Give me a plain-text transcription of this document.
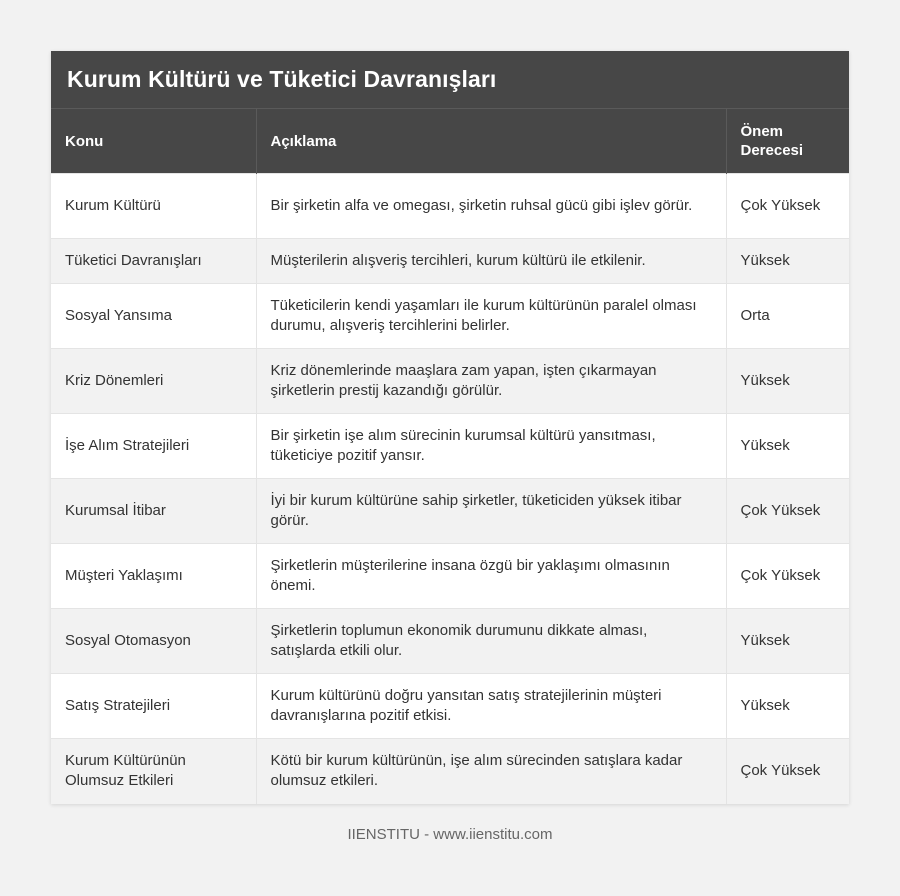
Kurum Kültürü ve Tüketici Davranışları
Konu	Açıklama	Önem Derecesi
Kurum Kültürü	Bir şirketin alfa ve omegası, şirketin ruhsal gücü gibi işlev görür.	Çok Yüksek
Tüketici Davranışları	Müşterilerin alışveriş tercihleri, kurum kültürü ile etkilenir.	Yüksek
Sosyal Yansıma	Tüketicilerin kendi yaşamları ile kurum kültürünün paralel olması durumu, alışveriş tercihlerini belirler.	Orta
Kriz Dönemleri	Kriz dönemlerinde maaşlara zam yapan, işten çıkarmayan şirketlerin prestij kazandığı görülür.	Yüksek
İşe Alım Stratejileri	Bir şirketin işe alım sürecinin kurumsal kültürü yansıtması, tüketiciye pozitif yansır.	Yüksek
Kurumsal İtibar	İyi bir kurum kültürüne sahip şirketler, tüketiciden yüksek itibar görür.	Çok Yüksek
Müşteri Yaklaşımı	Şirketlerin müşterilerine insana özgü bir yaklaşımı olmasının önemi.	Çok Yüksek
Sosyal Otomasyon	Şirketlerin toplumun ekonomik durumunu dikkate alması, satışlarda etkili olur.	Yüksek
Satış Stratejileri	Kurum kültürünü doğru yansıtan satış stratejilerinin müşteri davranışlarına pozitif etkisi.	Yüksek
Kurum Kültürünün Olumsuz Etkileri	Kötü bir kurum kültürünün, işe alım sürecinden satışlara kadar olumsuz etkileri.	Çok Yüksek
IIENSTITU - www.iienstitu.com
